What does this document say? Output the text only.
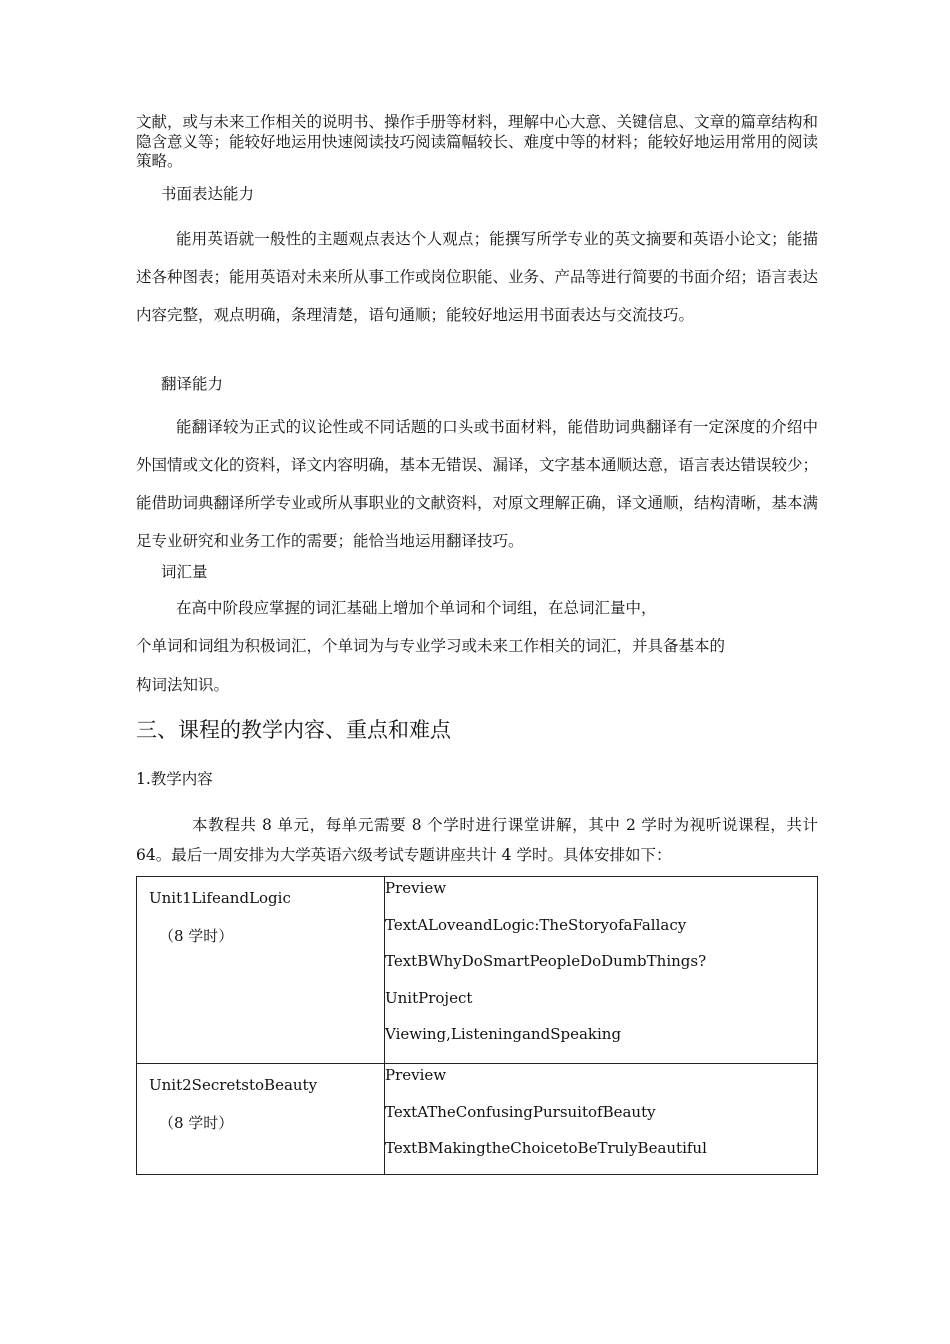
文献，或与未来工作相关的说明书、操作手册等材料，理解中心大意、关键信息、文章的篇章结构和隐含意义等；能较好地运用快速阅读技巧阅读篇幅较长、难度中等的材料；能较好地运用常用的阅读策略。

书面表达能力

能用英语就一般性的主题观点表达个人观点；能撰写所学专业的英文摘要和英语小论文；能描述各种图表；能用英语对未来所从事工作或岗位职能、业务、产品等进行简要的书面介绍；语言表达内容完整，观点明确，条理清楚，语句通顺；能较好地运用书面表达与交流技巧。

翻译能力

能翻译较为正式的议论性或不同话题的口头或书面材料，能借助词典翻译有一定深度的介绍中外国情或文化的资料，译文内容明确，基本无错误、漏译，文字基本通顺达意，语言表达错误较少；能借助词典翻译所学专业或所从事职业的文献资料，对原文理解正确，译文通顺，结构清晰，基本满足专业研究和业务工作的需要；能恰当地运用翻译技巧。

词汇量

在高中阶段应掌握的词汇基础上增加个单词和个词组，在总词汇量中，

个单词和词组为积极词汇，个单词为与专业学习或未来工作相关的词汇，并具备基本的

构词法知识。

三、课程的教学内容、重点和难点

1.教学内容

本教程共 8 单元，每单元需要 8 个学时进行课堂讲解，其中 2 学时为视听说课程，共计 64。最后一周安排为大学英语六级考试专题讲座共计 4 学时。具体安排如下：

Unit1LifeandLogic
（8 学时）	Preview
TextALoveandLogic:TheStoryofaFallacy
TextBWhyDoSmartPeopleDoDumbThings?
UnitProject
Viewing,ListeningandSpeaking

Unit2SecretstoBeauty
（8 学时）	Preview
TextATheConfusingPursuitofBeauty
TextBMakingtheChoicetoBeTrulyBeautiful
